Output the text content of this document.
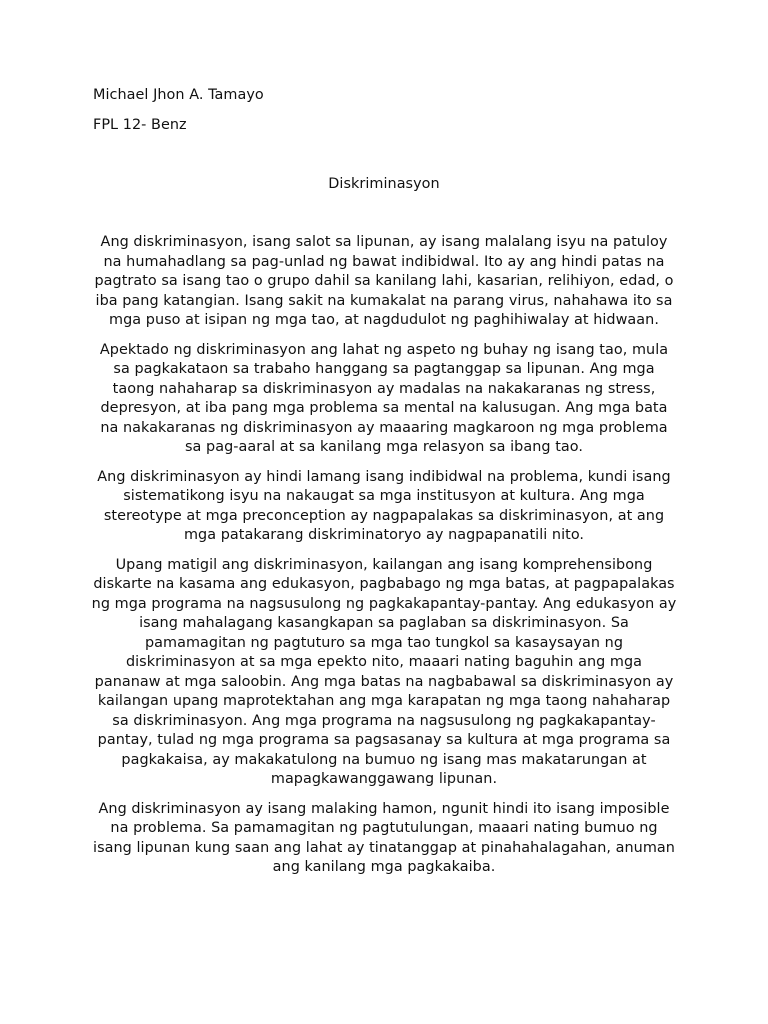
Michael Jhon A. Tamayo

FPL 12- Benz

Diskriminasyon

Ang diskriminasyon, isang salot sa lipunan, ay isang malalang isyu na patuloy na humahadlang sa pag-unlad ng bawat indibidwal. Ito ay ang hindi patas na pagtrato sa isang tao o grupo dahil sa kanilang lahi, kasarian, relihiyon, edad, o iba pang katangian. Isang sakit na kumakalat na parang virus, nahahawa ito sa mga puso at isipan ng mga tao, at nagdudulot ng paghihiwalay at hidwaan.

Apektado ng diskriminasyon ang lahat ng aspeto ng buhay ng isang tao, mula sa pagkakataon sa trabaho hanggang sa pagtanggap sa lipunan. Ang mga taong nahaharap sa diskriminasyon ay madalas na nakakaranas ng stress, depresyon, at iba pang mga problema sa mental na kalusugan. Ang mga bata na nakakaranas ng diskriminasyon ay maaaring magkaroon ng mga problema sa pag-aaral at sa kanilang mga relasyon sa ibang tao.

Ang diskriminasyon ay hindi lamang isang indibidwal na problema, kundi isang sistematikong isyu na nakaugat sa mga institusyon at kultura. Ang mga stereotype at mga preconception ay nagpapalakas sa diskriminasyon, at ang mga patakarang diskriminatoryo ay nagpapanatili nito.

Upang matigil ang diskriminasyon, kailangan ang isang komprehensibong diskarte na kasama ang edukasyon, pagbabago ng mga batas, at pagpapalakas ng mga programa na nagsusulong ng pagkakapantay-pantay. Ang edukasyon ay isang mahalagang kasangkapan sa paglaban sa diskriminasyon. Sa pamamagitan ng pagtuturo sa mga tao tungkol sa kasaysayan ng diskriminasyon at sa mga epekto nito, maaari nating baguhin ang mga pananaw at mga saloobin. Ang mga batas na nagbabawal sa diskriminasyon ay kailangan upang maprotektahan ang mga karapatan ng mga taong nahaharap sa diskriminasyon. Ang mga programa na nagsusulong ng pagkakapantay-pantay, tulad ng mga programa sa pagsasanay sa kultura at mga programa sa pagkakaisa, ay makakatulong na bumuo ng isang mas makatarungan at mapagkawanggawang lipunan.

Ang diskriminasyon ay isang malaking hamon, ngunit hindi ito isang imposible na problema. Sa pamamagitan ng pagtutulungan, maaari nating bumuo ng isang lipunan kung saan ang lahat ay tinatanggap at pinahahalagahan, anuman ang kanilang mga pagkakaiba.
